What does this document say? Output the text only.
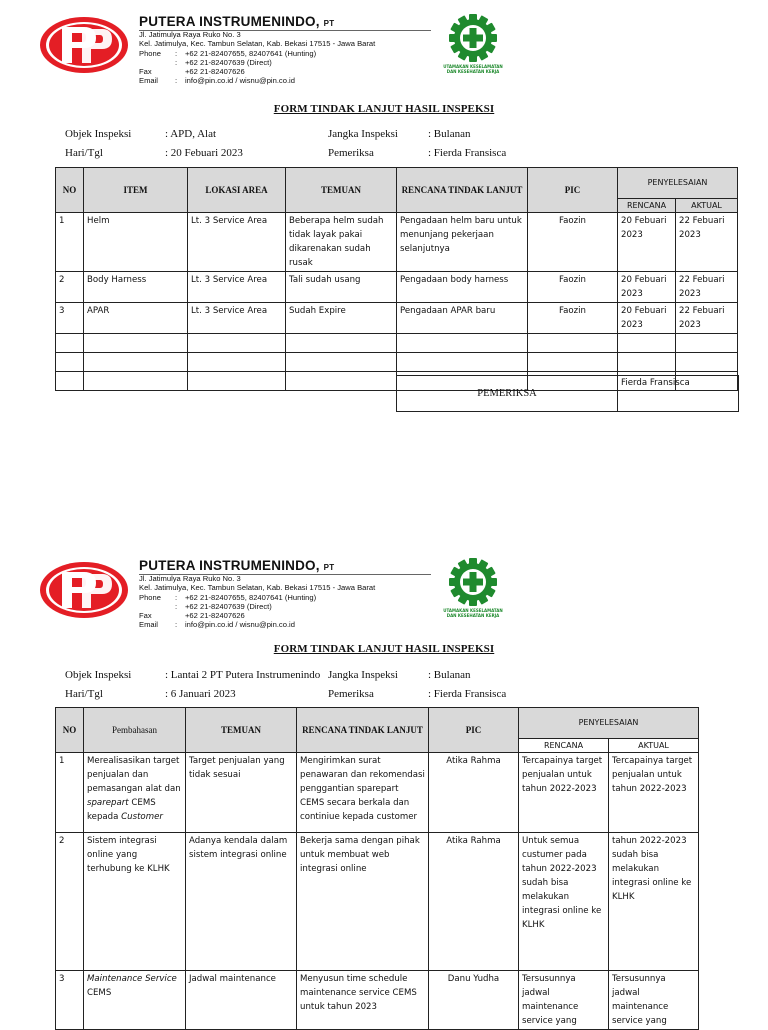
PUTERA INSTRUMENINDO, PT
Jl. Jatimulya Raya Ruko No. 3
Kel. Jatimulya, Kec. Tambun Selatan, Kab. Bekasi 17515 - Jawa Barat
Phone	:	+62 21-82407655, 82407641 (Hunting)
:	+62 21-82407639 (Direct)
Fax	+62 21-82407626
Email	:	info@pin.co.id / wisnu@pin.co.id
UTAMAKAN KESELAMATAN
DAN KESEHATAN KERJA
FORM TINDAK LANJUT HASIL INSPEKSI
Objek Inspeksi	: APD, Alat	Jangka Inspeksi	: Bulanan
Hari/Tgl	: 20 Febuari 2023	Pemeriksa	: Fierda Fransisca
NO	ITEM	LOKASI AREA	TEMUAN	RENCANA TINDAK LANJUT	PIC	PENYELESAIAN	
						RENCANA	AKTUAL
1	Helm	Lt. 3 Service Area	Beberapa helm sudah tidak layak pakai dikarenakan sudah rusak	Pengadaan helm baru untuk menunjang pekerjaan selanjutnya	Faozin	20 Febuari 2023	22 Febuari 2023
2	Body Harness	Lt. 3 Service Area	Tali sudah usang	Pengadaan body harness	Faozin	20 Febuari 2023	22 Febuari 2023
3	APAR	Lt. 3 Service Area	Sudah Expire	Pengadaan APAR baru	Faozin	20 Febuari 2023	22 Febuari 2023

PEMERIKSA
Fierda Fransisca
PUTERA INSTRUMENINDO, PT
Jl. Jatimulya Raya Ruko No. 3
Kel. Jatimulya, Kec. Tambun Selatan, Kab. Bekasi 17515 - Jawa Barat
Phone	:	+62 21-82407655, 82407641 (Hunting)
:	+62 21-82407639 (Direct)
Fax	+62 21-82407626
Email	:	info@pin.co.id / wisnu@pin.co.id
UTAMAKAN KESELAMATAN
DAN KESEHATAN KERJA
FORM TINDAK LANJUT HASIL INSPEKSI
Objek Inspeksi	: Lantai 2 PT Putera Instrumenindo Jangka Inspeksi	: Bulanan
Hari/Tgl	: 6 Januari 2023	Pemeriksa	: Fierda Fransisca
NO	Pembahasan	TEMUAN	RENCANA TINDAK LANJUT	PIC	PENYELESAIAN	
					RENCANA	AKTUAL
1	Merealisasikan target penjualan dan pemasangan alat dan sparepart CEMS kepada Customer	Target penjualan yang tidak sesuai	Mengirimkan surat penawaran dan rekomendasi penggantian sparepart CEMS secara berkala dan continiue kepada customer	Atika Rahma	Tercapainya target penjualan untuk tahun 2022-2023	Tercapainya target penjualan untuk tahun 2022-2023
2	Sistem integrasi online yang terhubung ke KLHK	Adanya kendala dalam sistem integrasi online	Bekerja sama dengan pihak untuk membuat web integrasi online	Atika Rahma	Untuk semua custumer pada tahun 2022-2023 sudah bisa melakukan integrasi online ke KLHK	tahun 2022-2023 sudah bisa melakukan integrasi online ke KLHK
3	Maintenance Service CEMS	Jadwal maintenance	Menyusun time schedule maintenance service CEMS untuk tahun 2023	Danu Yudha	Tersusunnya jadwal maintenance service yang	Tersusunnya jadwal maintenance service yang
